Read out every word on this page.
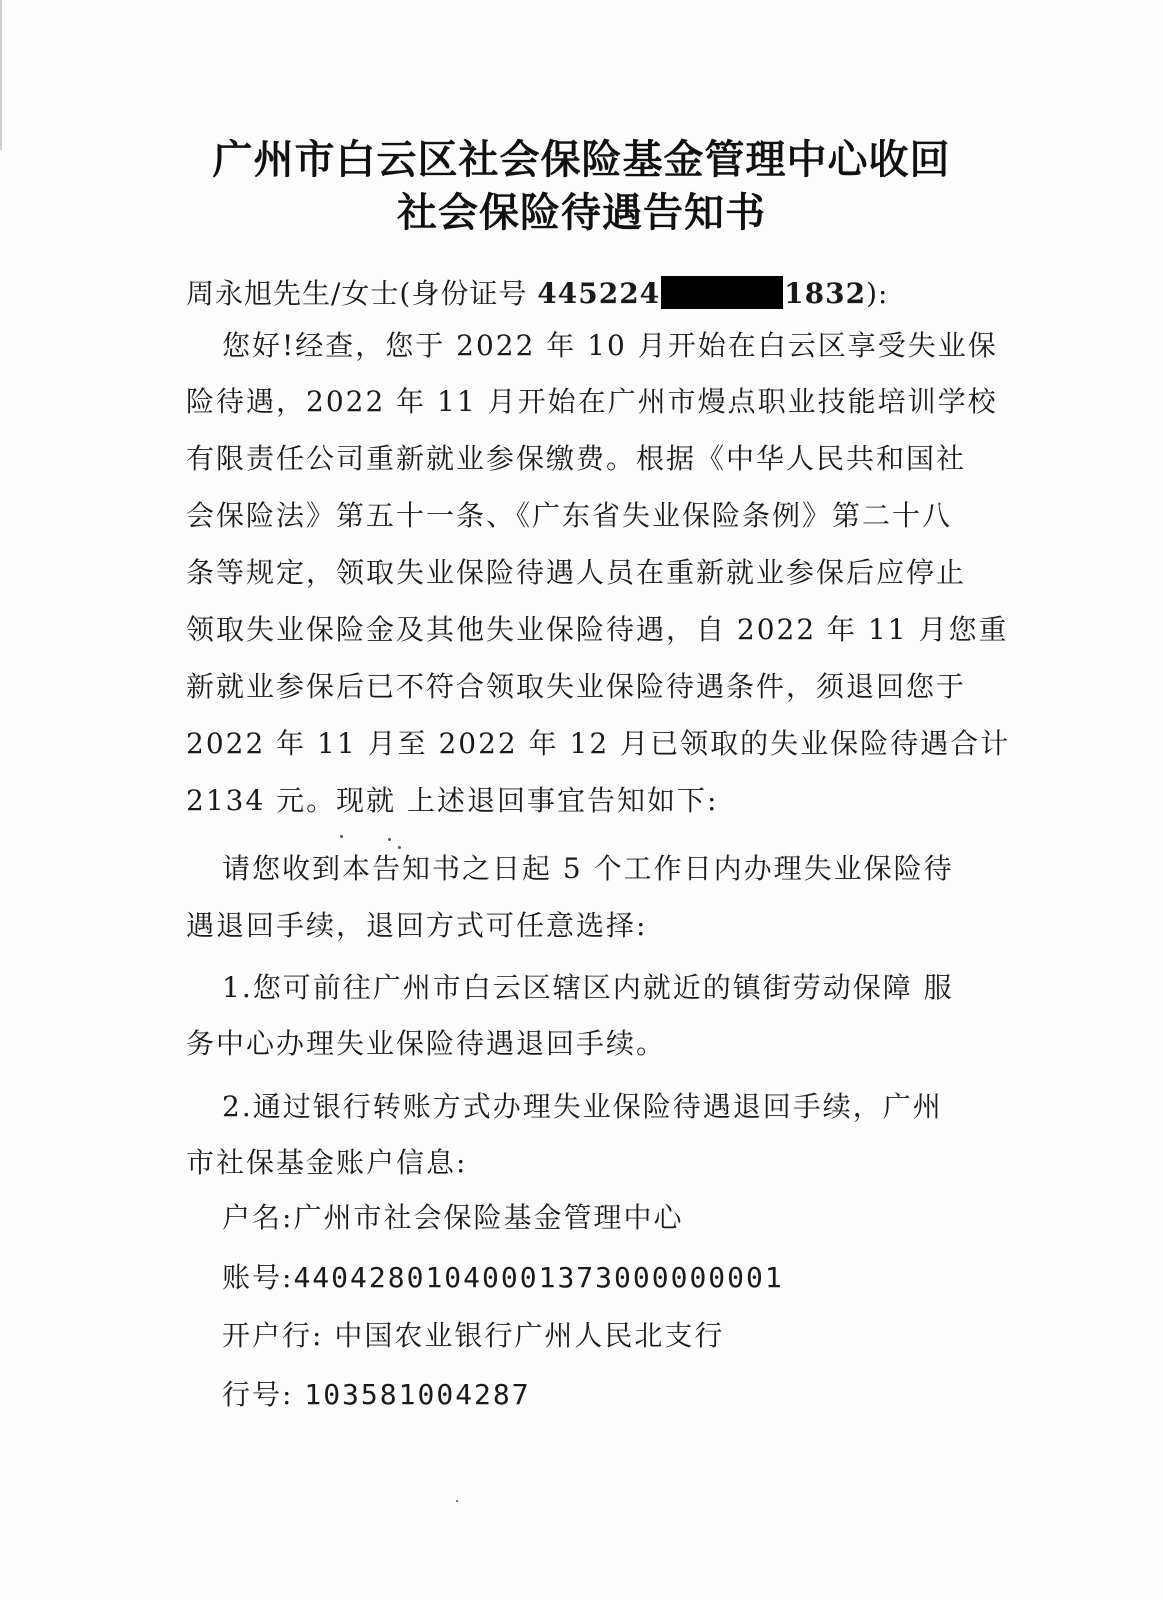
广州市白云区社会保险基金管理中心收回
社会保险待遇告知书
周永旭先生/女士(身份证号 445224	1832):
您好!经查，您于 2022 年 10 月开始在白云区享受失业保
险待遇，2022 年 11 月开始在广州市熳点职业技能培训学校
有限责任公司重新就业参保缴费。根据《中华人民共和国社
会保险法》第五十一条、《广东省失业保险条例》第二十八
条等规定，领取失业保险待遇人员在重新就业参保后应停止
领取失业保险金及其他失业保险待遇，自 2022 年 11 月您重
新就业参保后已不符合领取失业保险待遇条件，须退回您于
2022 年 11 月至 2022 年 12 月已领取的失业保险待遇合计
2134 元。现就 上述退回事宜告知如下:
请您收到本告知书之日起 5 个工作日内办理失业保险待
遇退回手续，退回方式可任意选择:
1.您可前往广州市白云区辖区内就近的镇街劳动保障 服
务中心办理失业保险待遇退回手续。
2.通过银行转账方式办理失业保险待遇退回手续，广州
市社保基金账户信息:
户名:广州市社会保险基金管理中心
账号:44042801040001373000000001
开户行: 中国农业银行广州人民北支行
行号: 103581004287
